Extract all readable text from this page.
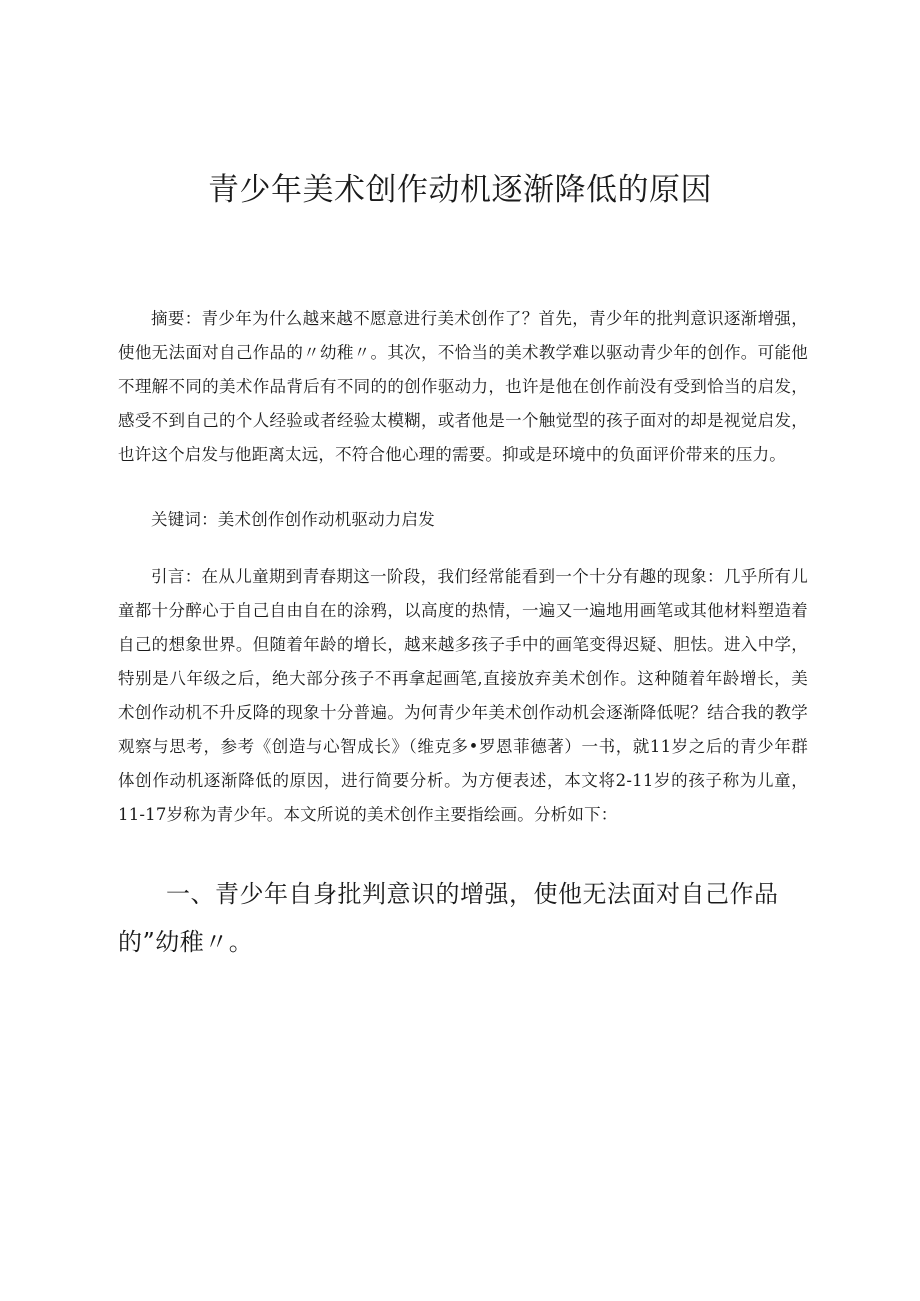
青少年美术创作动机逐渐降低的原因

摘要：青少年为什么越来越不愿意进行美术创作了？首先，青少年的批判意识逐渐增强，使他无法面对自己作品的〃幼稚〃。其次，不恰当的美术教学难以驱动青少年的创作。可能他不理解不同的美术作品背后有不同的的创作驱动力，也许是他在创作前没有受到恰当的启发，感受不到自己的个人经验或者经验太模糊，或者他是一个触觉型的孩子面对的却是视觉启发，也许这个启发与他距离太远，不符合他心理的需要。抑或是环境中的负面评价带来的压力。

关键词：美术创作创作动机驱动力启发

引言：在从儿童期到青春期这一阶段，我们经常能看到一个十分有趣的现象：几乎所有儿童都十分醉心于自己自由自在的涂鸦，以高度的热情，一遍又一遍地用画笔或其他材料塑造着自己的想象世界。但随着年龄的增长，越来越多孩子手中的画笔变得迟疑、胆怯。进入中学，特别是八年级之后，绝大部分孩子不再拿起画笔,直接放弃美术创作。这种随着年龄增长，美术创作动机不升反降的现象十分普遍。为何青少年美术创作动机会逐渐降低呢？结合我的教学观察与思考，参考《创造与心智成长》（维克多•罗恩菲德著）一书，就11岁之后的青少年群体创作动机逐渐降低的原因，进行简要分析。为方便表述，本文将2-11岁的孩子称为儿童，11-17岁称为青少年。本文所说的美术创作主要指绘画。分析如下：

一、青少年自身批判意识的增强，使他无法面对自己作品的”幼稚〃。
